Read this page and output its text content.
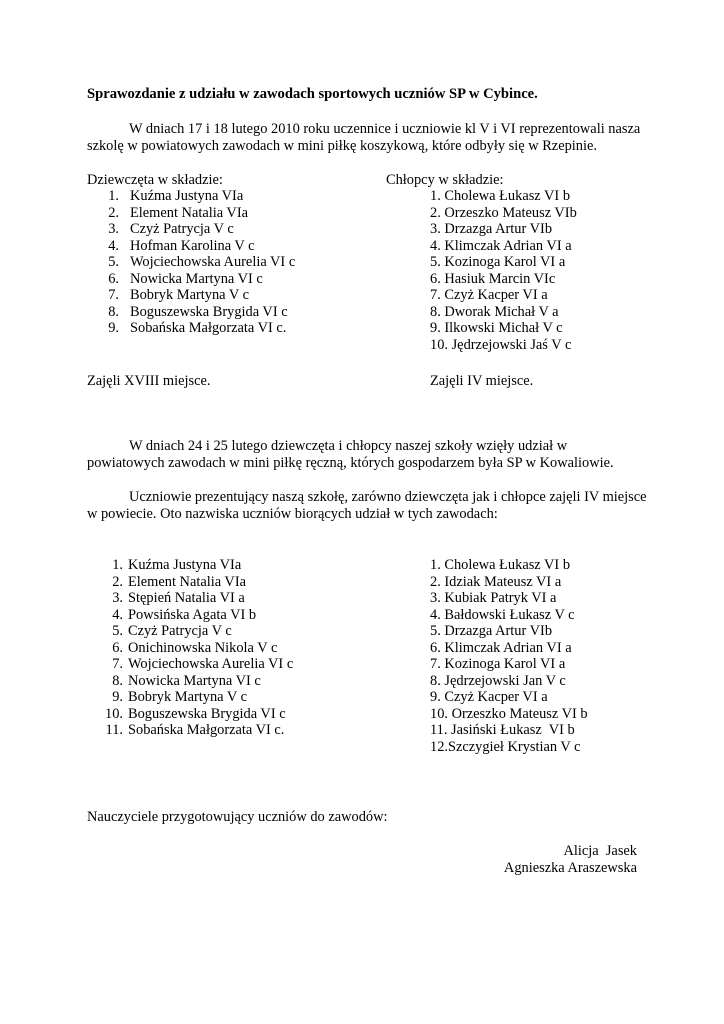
Sprawozdanie z udziału w zawodach sportowych uczniów SP w Cybince.
W dniach 17 i 18 lutego 2010 roku uczennice i uczniowie kl V i VI reprezentowali nasza szkolę w powiatowych zawodach w mini piłkę koszykową, które odbyły się w Rzepinie.
Dziewczęta w składzie:	Chłopcy w składzie:
1. Kuźma Justyna VIa
2. Element Natalia VIa
3. Czyż Patrycja V c
4. Hofman Karolina V c
5. Wojciechowska Aurelia VI c
6. Nowicka Martyna VI c
7. Bobryk Martyna V c
8. Boguszewska Brygida VI c
9. Sobańska Małgorzata VI c.
1. Cholewa Łukasz VI b
2. Orzeszko Mateusz VIb
3. Drzazga Artur VIb
4. Klimczak Adrian VI a
5. Kozinoga Karol VI a
6. Hasiuk Marcin VIc
7. Czyż Kacper VI a
8. Dworak Michał V a
9. Ilkowski Michał V c
10. Jędrzejowski Jaś V c
Zajęli XVIII miejsce.	Zajęli IV miejsce.
W dniach 24 i 25 lutego dziewczęta i chłopcy naszej szkoły wzięły udział w powiatowych zawodach w mini piłkę ręczną, których gospodarzem była SP w Kowaliowie.
Uczniowie prezentujący naszą szkołę, zarówno dziewczęta jak i chłopce zajęli IV miejsce w powiecie. Oto nazwiska uczniów biorących udział w tych zawodach:
1. Kuźma Justyna VIa
2. Element Natalia VIa
3. Stępień Natalia VI a
4. Powsińska Agata VI b
5. Czyż Patrycja V c
6. Onichinowska Nikola V c
7. Wojciechowska Aurelia VI c
8. Nowicka Martyna VI c
9. Bobryk Martyna V c
10. Boguszewska Brygida VI c
11. Sobańska Małgorzata VI c.
1. Cholewa Łukasz VI b
2. Idziak Mateusz VI a
3. Kubiak Patryk VI a
4. Bałdowski Łukasz V c
5. Drzazga Artur VIb
6. Klimczak Adrian VI a
7. Kozinoga Karol VI a
8. Jędrzejowski Jan V c
9. Czyż Kacper VI a
10. Orzeszko Mateusz VI b
11. Jasiński Łukasz  VI b
12.Szczygieł Krystian V c
Nauczyciele przygotowujący uczniów do zawodów:
Alicja  Jasek
Agnieszka Araszewska
